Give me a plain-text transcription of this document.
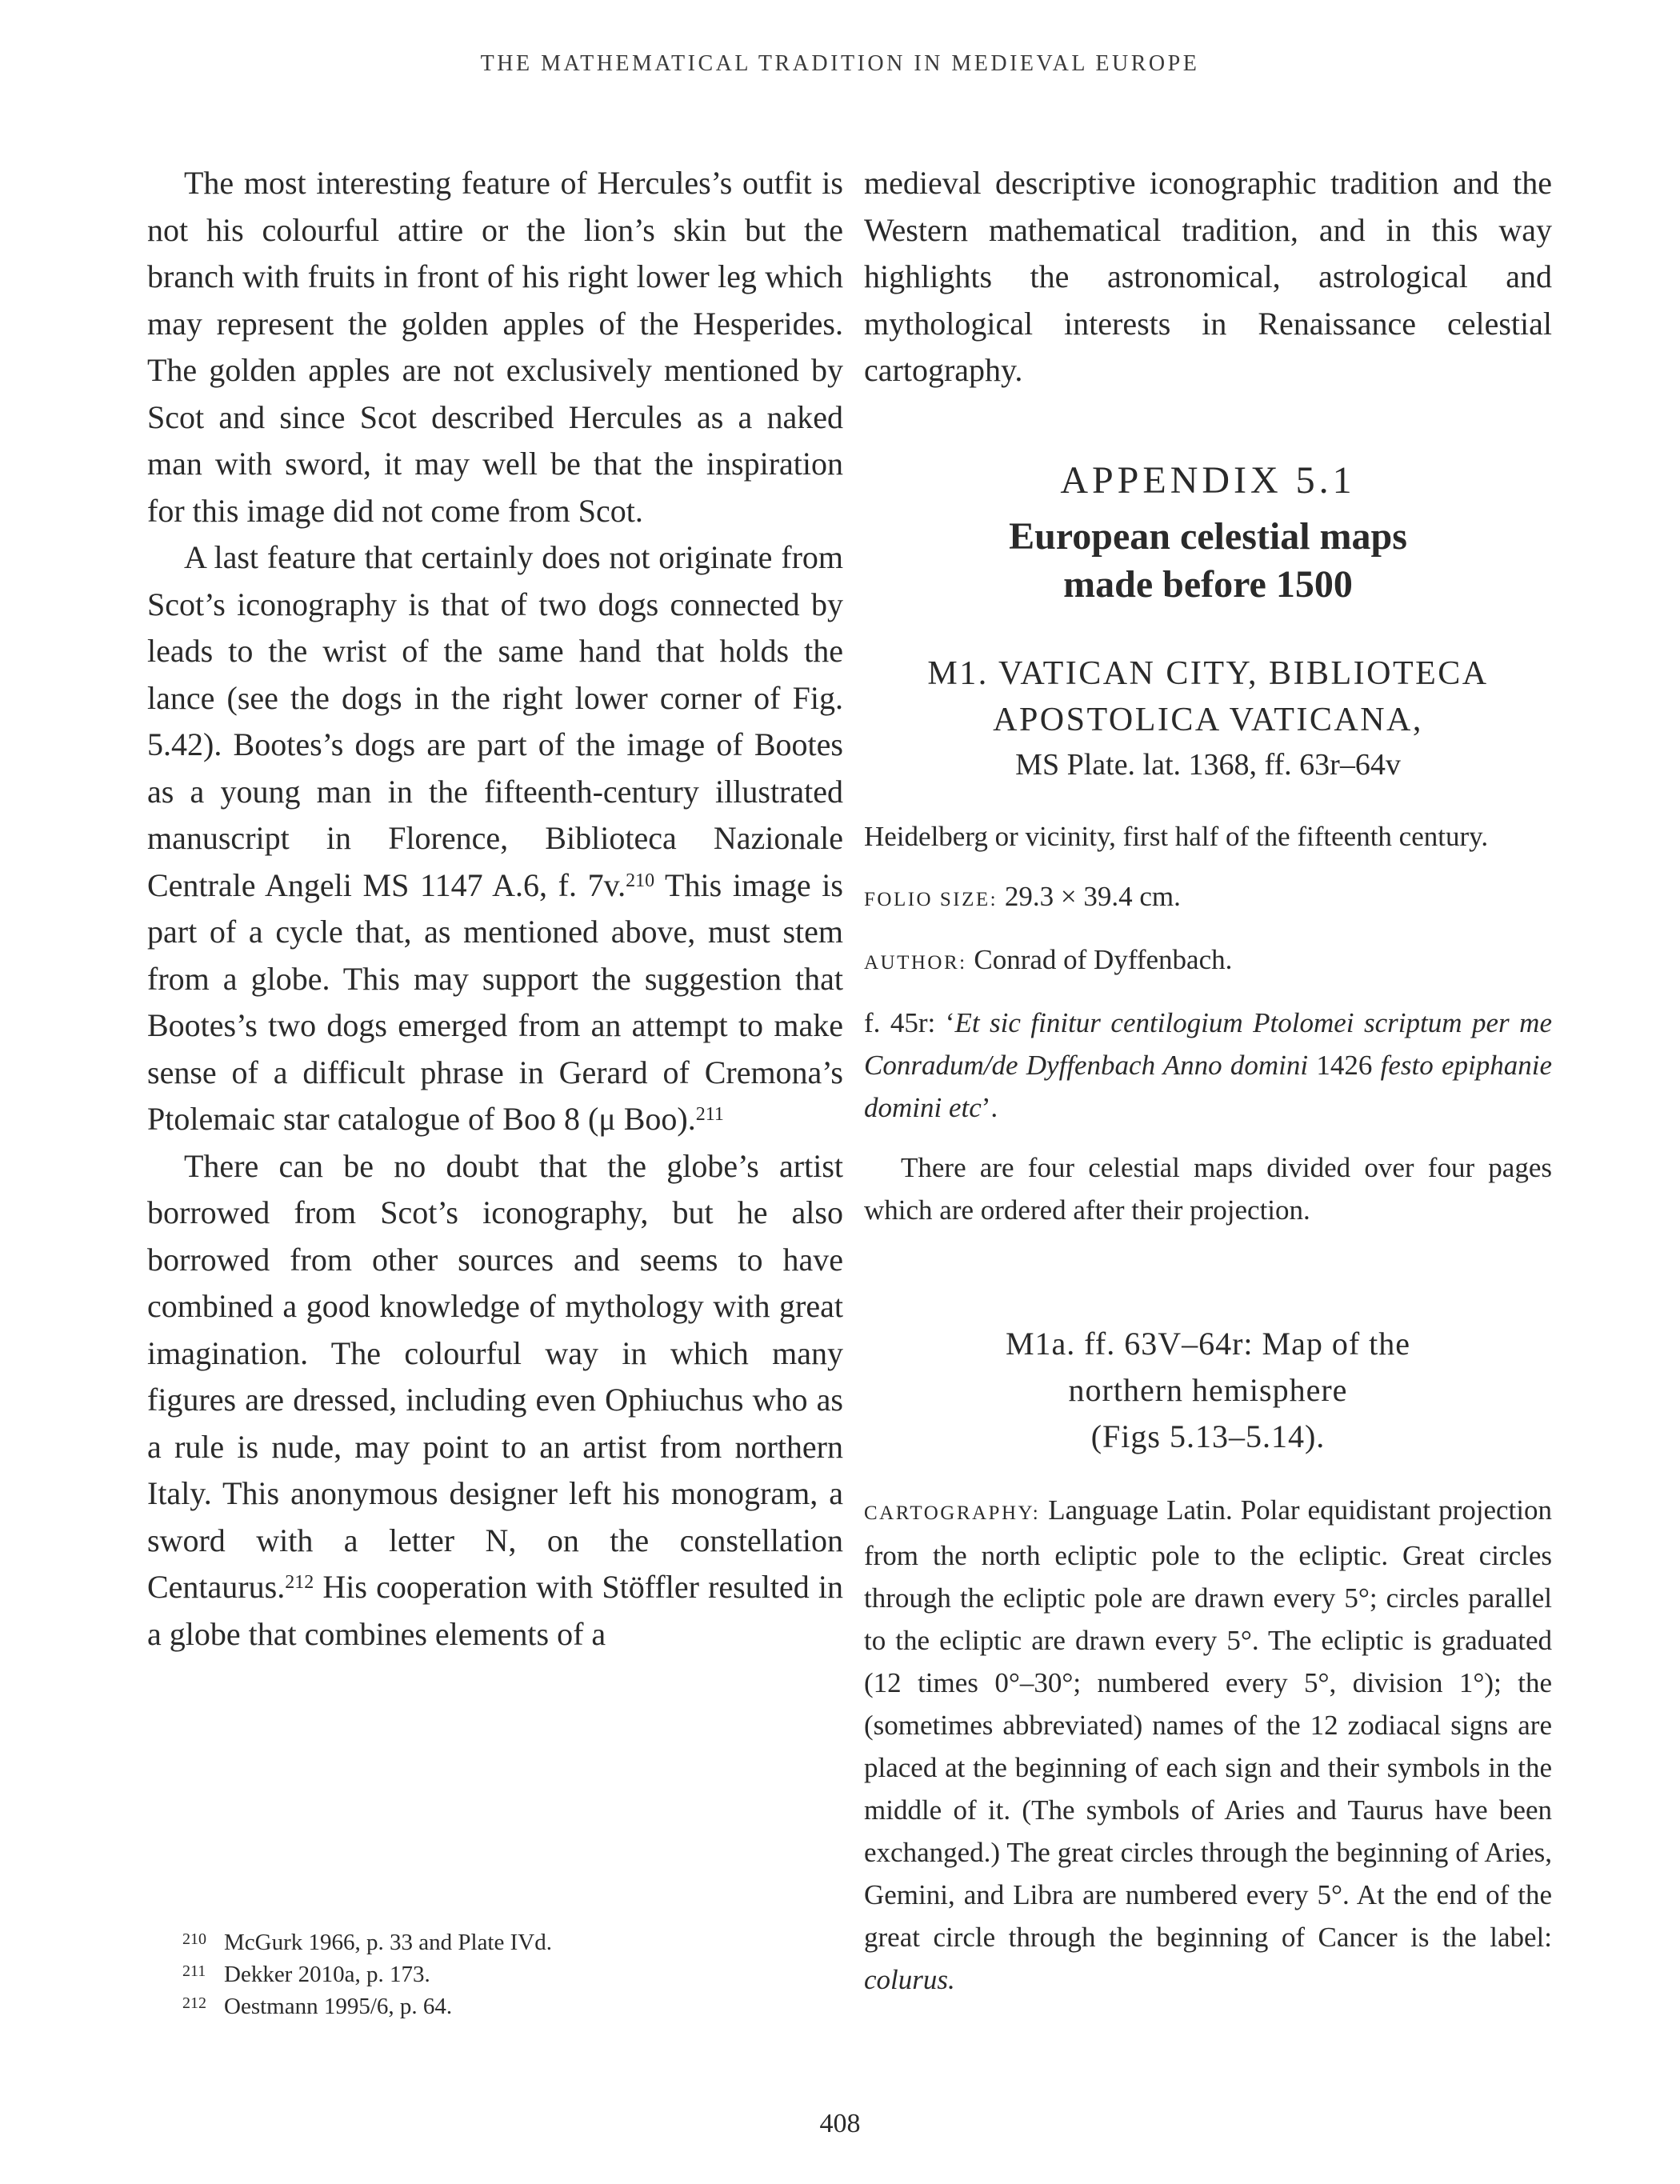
THE MATHEMATICAL TRADITION IN MEDIEVAL EUROPE

The most interesting feature of Hercules’s outfit is not his colourful attire or the lion’s skin but the branch with fruits in front of his right lower leg which may represent the golden apples of the Hesperides. The golden apples are not exclusively mentioned by Scot and since Scot described Hercules as a naked man with sword, it may well be that the inspiration for this image did not come from Scot.

A last feature that certainly does not originate from Scot’s iconography is that of two dogs connected by leads to the wrist of the same hand that holds the lance (see the dogs in the right lower corner of Fig. 5.42). Bootes’s dogs are part of the image of Bootes as a young man in the fifteenth-century illustrated manuscript in Florence, Biblioteca Nazionale Centrale Angeli MS 1147 A.6, f. 7v.$^{210}$ This image is part of a cycle that, as mentioned above, must stem from a globe. This may support the suggestion that Bootes’s two dogs emerged from an attempt to make sense of a difficult phrase in Gerard of Cremona’s Ptolemaic star catalogue of Boo 8 (μ Boo).$^{211}$

There can be no doubt that the globe’s artist borrowed from Scot’s iconography, but he also borrowed from other sources and seems to have combined a good knowledge of mythology with great imagination. The colourful way in which many figures are dressed, including even Ophiuchus who as a rule is nude, may point to an artist from northern Italy. This anonymous designer left his monogram, a sword with a letter N, on the constellation Centaurus.$^{212}$ His cooperation with Stöffler resulted in a globe that combines elements of a

210 McGurk 1966, p. 33 and Plate IVd.
211 Dekker 2010a, p. 173.
212 Oestmann 1995/6, p. 64.

medieval descriptive iconographic tradition and the Western mathematical tradition, and in this way highlights the astronomical, astrological and mythological interests in Renaissance celestial cartography.

APPENDIX 5.1
European celestial maps
made before 1500
M1. VATICAN CITY, BIBLIOTECA
APOSTOLICA VATICANA,
MS Plate. lat. 1368, ff. 63r–64v

Heidelberg or vicinity, first half of the fifteenth century.

FOLIO SIZE: 29.3 × 39.4 cm.

AUTHOR: Conrad of Dyffenbach.

f. 45r: ‘Et sic finitur centilogium Ptolomei scriptum per me Conradum/de Dyffenbach Anno domini 1426 festo epiphanie domini etc’.

There are four celestial maps divided over four pages which are ordered after their projection.

M1a. ff. 63V–64r: Map of the
northern hemisphere
(Figs 5.13–5.14).

CARTOGRAPHY: Language Latin. Polar equidistant projection from the north ecliptic pole to the ecliptic. Great circles through the ecliptic pole are drawn every 5°; circles parallel to the ecliptic are drawn every 5°. The ecliptic is graduated (12 times 0°–30°; numbered every 5°, division 1°); the (sometimes abbreviated) names of the 12 zodiacal signs are placed at the beginning of each sign and their symbols in the middle of it. (The symbols of Aries and Taurus have been exchanged.) The great circles through the beginning of Aries, Gemini, and Libra are numbered every 5°. At the end of the great circle through the beginning of Cancer is the label: colurus.

408
